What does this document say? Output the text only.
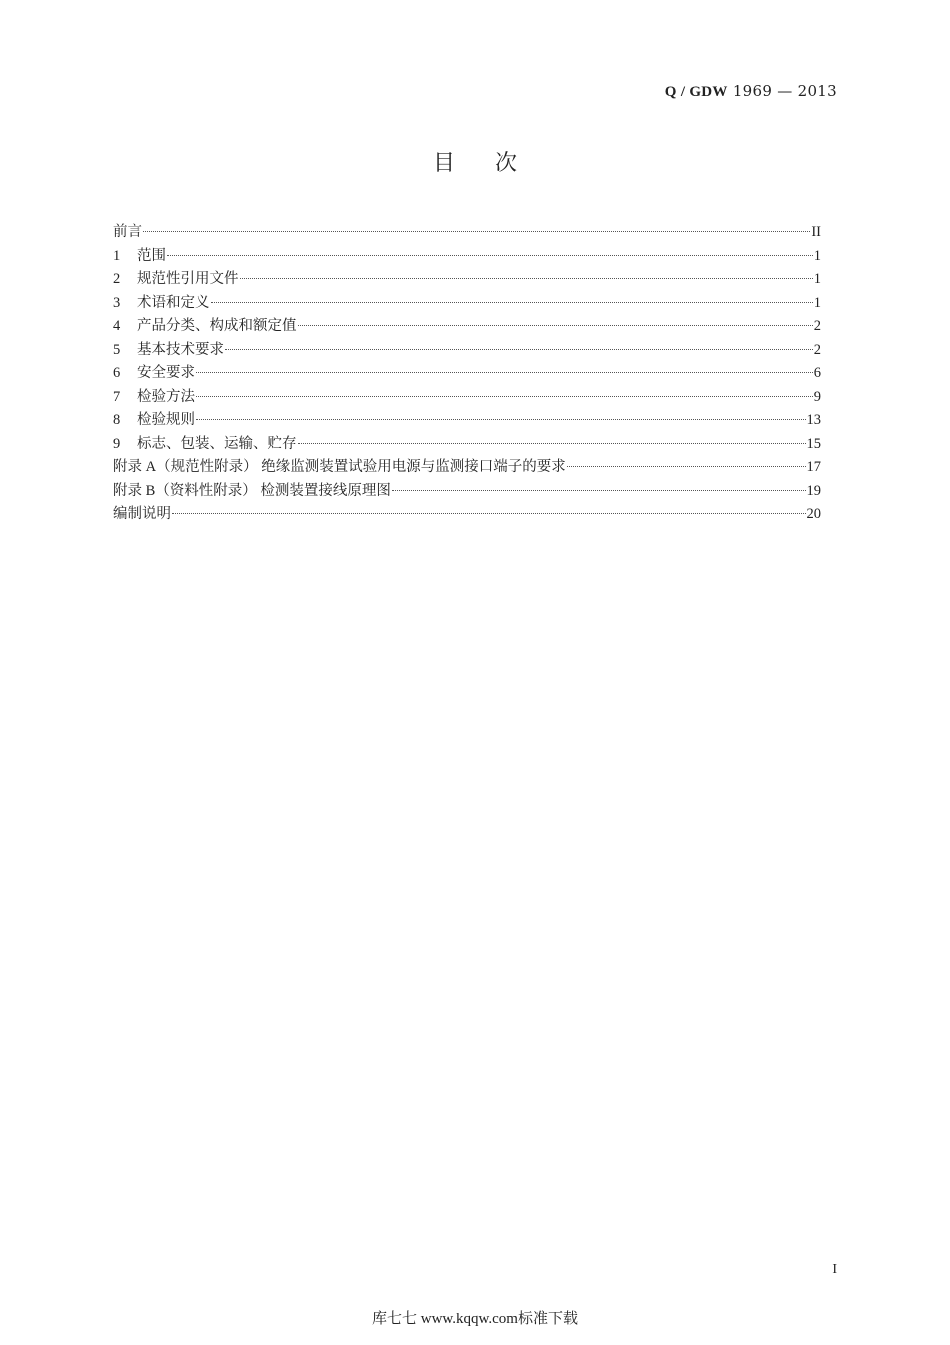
Q / GDW 1969 — 2013
目次
前言	II
1	范围	1
2	规范性引用文件	1
3	术语和定义	1
4	产品分类、构成和额定值	2
5	基本技术要求	2
6	安全要求	6
7	检验方法	9
8	检验规则	13
9	标志、包装、运输、贮存	15
附录 A（规范性附录） 绝缘监测装置试验用电源与监测接口端子的要求	17
附录 B（资料性附录） 检测装置接线原理图	19
编制说明	20
I
库七七 www.kqqw.com标准下载
